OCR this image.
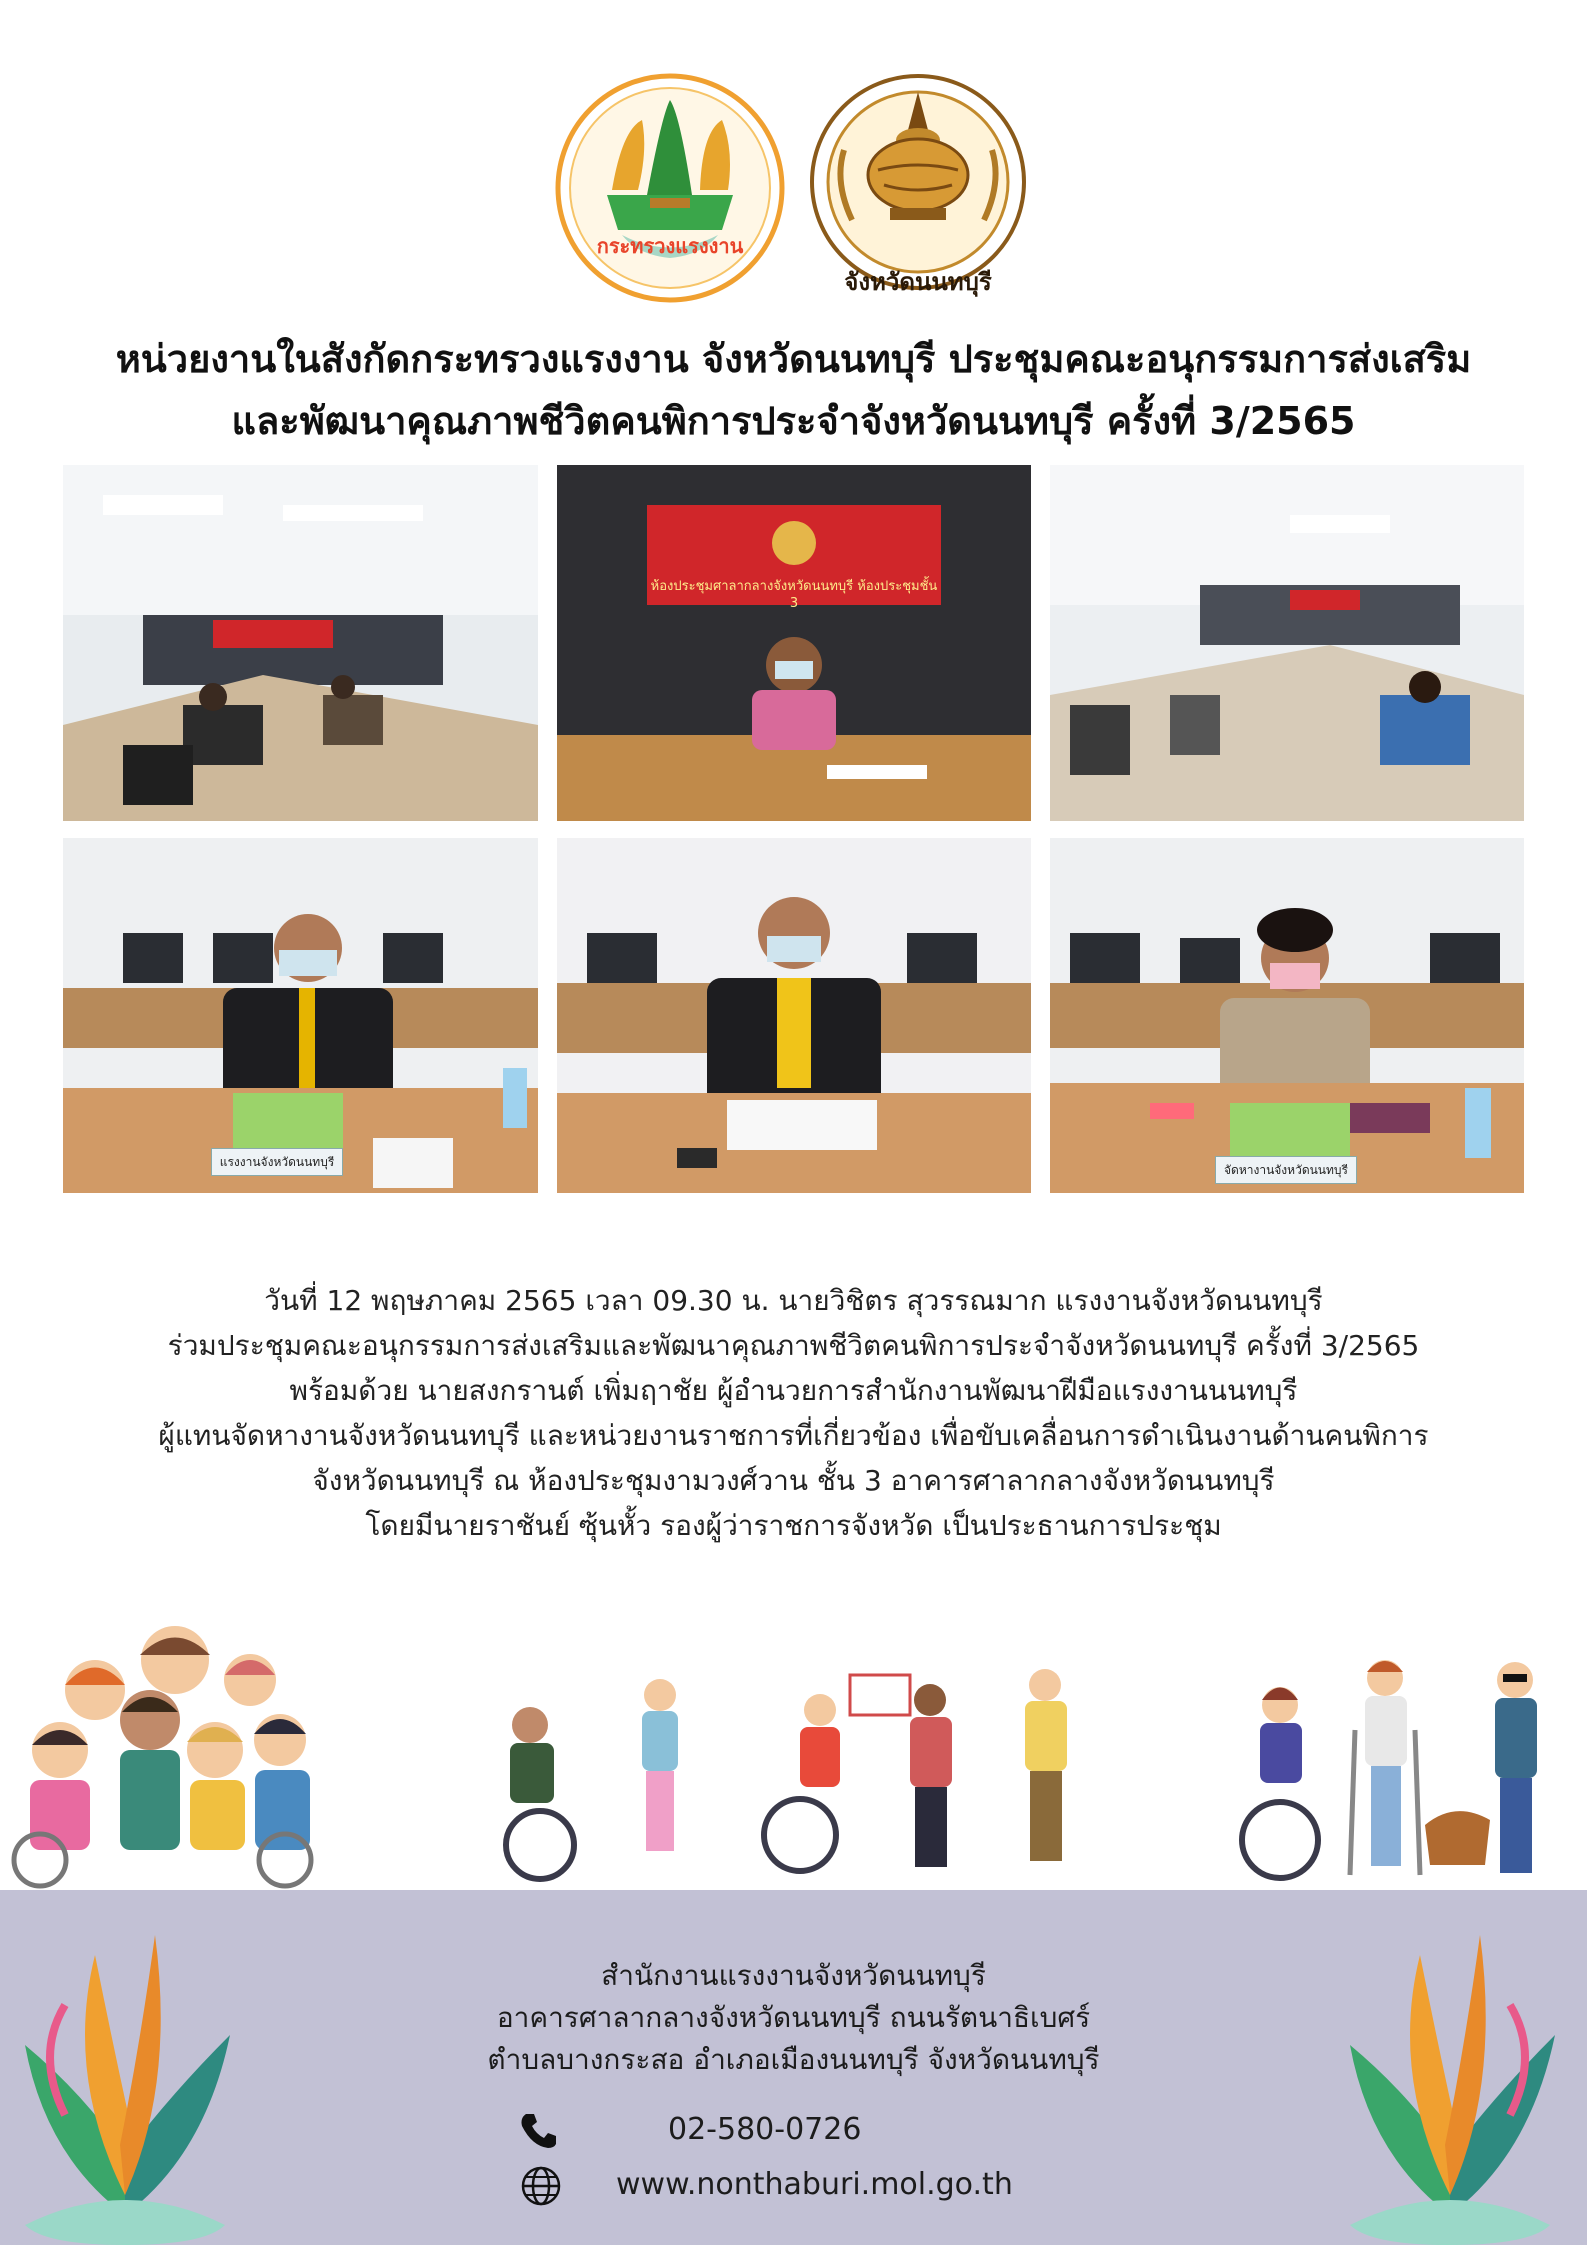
กระทรวงแรงงาน
จังหวัดนนทบุรี
หน่วยงานในสังกัดกระทรวงแรงงาน จังหวัดนนทบุรี ประชุมคณะอนุกรรมการส่งเสริม
และพัฒนาคุณภาพชีวิตคนพิการประจำจังหวัดนนทบุรี ครั้งที่ 3/2565
ห้องประชุมศาลากลางจังหวัดนนทบุรี ห้องประชุมชั้น 3
แรงงานจังหวัดนนทบุรี
จัดหางานจังหวัดนนทบุรี
วันที่ 12 พฤษภาคม 2565 เวลา 09.30 น. นายวิชิตร สุวรรณมาก แรงงานจังหวัดนนทบุรี
ร่วมประชุมคณะอนุกรรมการส่งเสริมและพัฒนาคุณภาพชีวิตคนพิการประจำจังหวัดนนทบุรี ครั้งที่ 3/2565
พร้อมด้วย นายสงกรานต์ เพิ่มฤาชัย ผู้อำนวยการสำนักงานพัฒนาฝีมือแรงงานนนทบุรี
ผู้แทนจัดหางานจังหวัดนนทบุรี และหน่วยงานราชการที่เกี่ยวข้อง เพื่อขับเคลื่อนการดำเนินงานด้านคนพิการ
จังหวัดนนทบุรี ณ ห้องประชุมงามวงศ์วาน ชั้น 3 อาคารศาลากลางจังหวัดนนทบุรี
โดยมีนายราชันย์ ซุ้นหั้ว รองผู้ว่าราชการจังหวัด เป็นประธานการประชุม
สำนักงานแรงงานจังหวัดนนทบุรี
อาคารศาลากลางจังหวัดนนทบุรี ถนนรัตนาธิเบศร์
ตำบลบางกระสอ อำเภอเมืองนนทบุรี จังหวัดนนทบุรี
02-580-0726
www.nonthaburi.mol.go.th
